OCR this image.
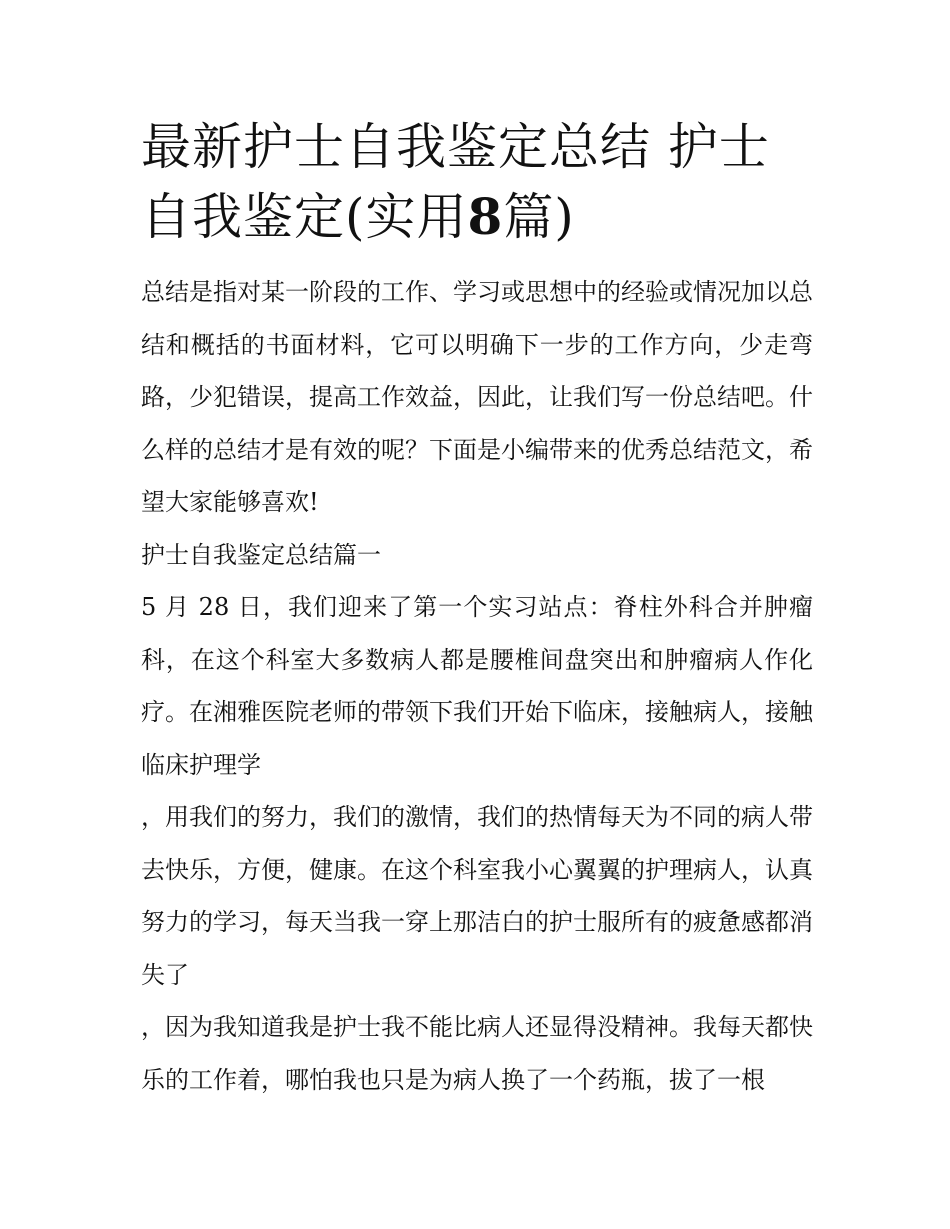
最新护士自我鉴定总结 护士自我鉴定(实用8篇)

总结是指对某一阶段的工作、学习或思想中的经验或情况加以总结和概括的书面材料，它可以明确下一步的工作方向，少走弯路，少犯错误，提高工作效益，因此，让我们写一份总结吧。什么样的总结才是有效的呢？下面是小编带来的优秀总结范文，希望大家能够喜欢!

护士自我鉴定总结篇一

5 月 28 日，我们迎来了第一个实习站点：脊柱外科合并肿瘤科，在这个科室大多数病人都是腰椎间盘突出和肿瘤病人作化疗。在湘雅医院老师的带领下我们开始下临床，接触病人，接触临床护理学

，用我们的努力，我们的激情，我们的热情每天为不同的病人带去快乐，方便，健康。在这个科室我小心翼翼的护理病人，认真努力的学习，每天当我一穿上那洁白的护士服所有的疲惫感都消失了

，因为我知道我是护士我不能比病人还显得没精神。我每天都快乐的工作着，哪怕我也只是为病人换了一个药瓶，拔了一根
